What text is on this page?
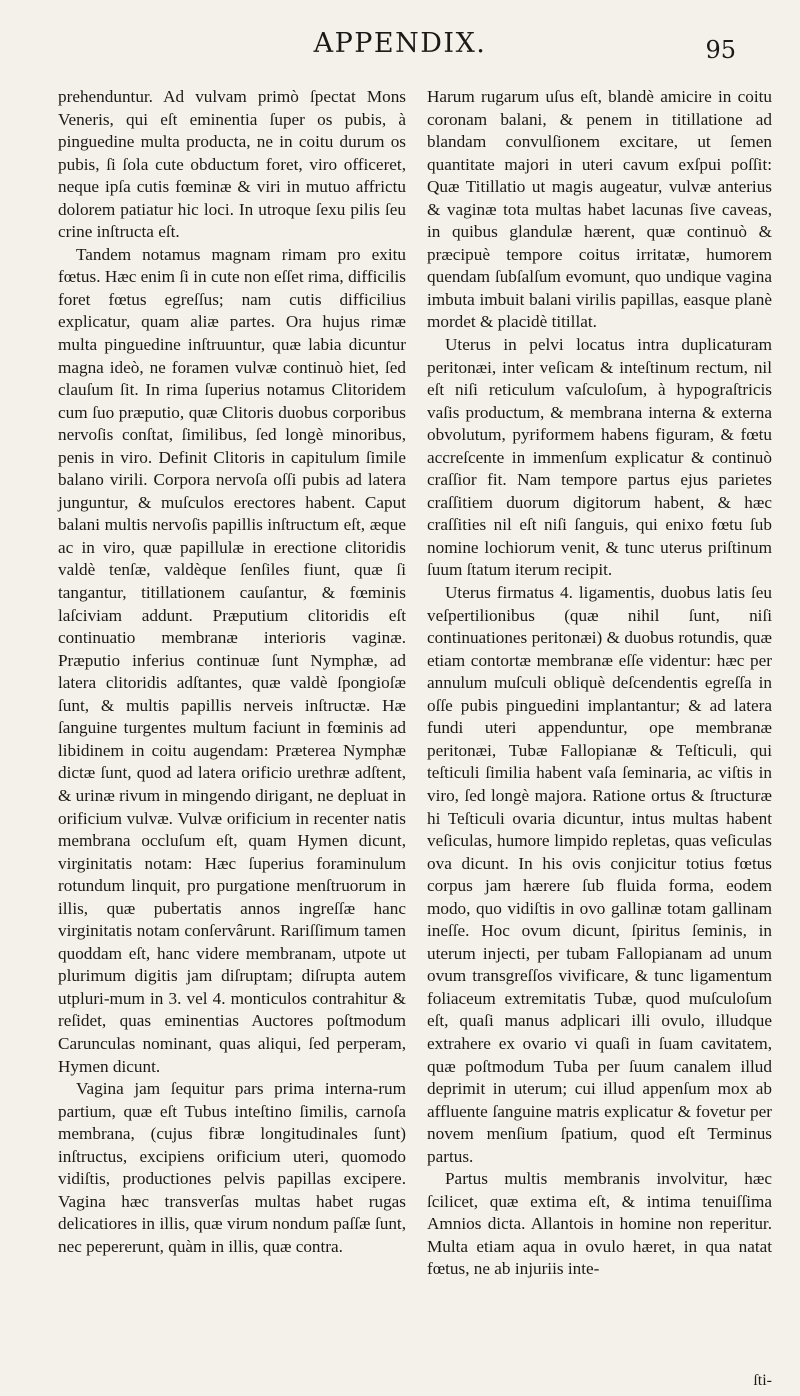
APPENDIX.	95

prehenduntur. Ad vulvam primò ſpectat Mons Veneris, qui eſt eminentia ſuper os pubis, à pinguedine multa producta, ne in coitu durum os pubis, ſi ſola cute obductum foret, viro officeret, neque ipſa cutis fœminæ & viri in mutuo affrictu dolorem patiatur hic loci. In utroque ſexu pilis ſeu crine inſtructa eſt.

Tandem notamus magnam rimam pro exitu fœtus. Hæc enim ſi in cute non eſſet rima, difficilis foret fœtus egreſſus; nam cutis difficilius explicatur, quam aliæ partes. Ora hujus rimæ multa pinguedine inſtruuntur, quæ labia dicuntur magna ideò, ne foramen vulvæ continuò hiet, ſed clauſum ſit. In rima ſuperius notamus Clitoridem cum ſuo præputio, quæ Clitoris duobus corporibus nervoſis conſtat, ſimilibus, ſed longè minoribus, penis in viro. Definit Clitoris in capitulum ſimile balano virili. Corpora nervoſa oſſi pubis ad latera junguntur, & muſculos erectores habent. Caput balani multis nervoſis papillis inſtructum eſt, æque ac in viro, quæ papillulæ in erectione clitoridis valdè tenſæ, valdèque ſenſiles fiunt, quæ ſi tangantur, titillationem cauſantur, & fœminis laſciviam addunt. Præputium clitoridis eſt continuatio membranæ interioris vaginæ. Præputio inferius continuæ ſunt Nymphæ, ad latera clitoridis adſtantes, quæ valdè ſpongioſæ ſunt, & multis papillis nerveis inſtructæ. Hæ ſanguine turgentes multum faciunt in fœminis ad libidinem in coitu augendam: Præterea Nymphæ dictæ ſunt, quod ad latera orificio urethræ adſtent, & urinæ rivum in mingendo dirigant, ne depluat in orificium vulvæ. Vulvæ orificium in recenter natis membrana occluſum eſt, quam Hymen dicunt, virginitatis notam: Hæc ſuperius foraminulum rotundum linquit, pro purgatione menſtruorum in illis, quæ pubertatis annos ingreſſæ hanc virginitatis notam conſervârunt. Rariſſimum tamen quoddam eſt, hanc videre membranam, utpote ut plurimum digitis jam diſruptam; diſrupta autem utpluri-mum in 3. vel 4. monticulos contrahitur & reſidet, quas eminentias Auctores poſtmodum Carunculas nominant, quas aliqui, ſed perperam, Hymen dicunt.

Vagina jam ſequitur pars prima interna-rum partium, quæ eſt Tubus inteſtino ſimilis, carnoſa membrana, (cujus fibræ longitudinales ſunt) inſtructus, excipiens orificium uteri, quomodo vidiſtis, productiones pelvis papillas excipere. Vagina hæc transverſas multas habet rugas delicatiores in illis, quæ virum nondum paſſæ ſunt, nec pepererunt, quàm in illis, quæ contra.

Harum rugarum uſus eſt, blandè amicire in coitu coronam balani, & penem in titillatione ad blandam convulſionem excitare, ut ſemen quantitate majori in uteri cavum exſpui poſſit: Quæ Titillatio ut magis augeatur, vulvæ anterius & vaginæ tota multas habet lacunas ſive caveas, in quibus glandulæ hærent, quæ continuò & præcipuè tempore coitus irritatæ, humorem quendam ſubſalſum evomunt, quo undique vagina imbuta imbuit balani virilis papillas, easque planè mordet & placidè titillat.

Uterus in pelvi locatus intra duplicaturam peritonæi, inter veſicam & inteſtinum rectum, nil eſt niſi reticulum vaſculoſum, à hypograſtricis vaſis productum, & membrana interna & externa obvolutum, pyriformem habens figuram, & fœtu accreſcente in immenſum explicatur & continuò craſſior fit. Nam tempore partus ejus parietes craſſitiem duorum digitorum habent, & hæc craſſities nil eſt niſi ſanguis, qui enixo fœtu ſub nomine lochiorum venit, & tunc uterus priſtinum ſuum ſtatum iterum recipit.

Uterus firmatus 4. ligamentis, duobus latis ſeu veſpertilionibus (quæ nihil ſunt, niſi continuationes peritonæi) & duobus rotundis, quæ etiam contortæ membranæ eſſe videntur: hæc per annulum muſculi obliquè deſcendentis egreſſa in oſſe pubis pinguedini implantantur; & ad latera fundi uteri appenduntur, ope membranæ peritonæi, Tubæ Fallopianæ & Teſticuli, qui teſticuli ſimilia habent vaſa ſeminaria, ac viſtis in viro, ſed longè majora. Ratione ortus & ſtructuræ hi Teſticuli ovaria dicuntur, intus multas habent veſiculas, humore limpido repletas, quas veſiculas ova dicunt. In his ovis conjicitur totius fœtus corpus jam hærere ſub fluida forma, eodem modo, quo vidiſtis in ovo gallinæ totam gallinam ineſſe. Hoc ovum dicunt, ſpiritus ſeminis, in uterum injecti, per tubam Fallopianam ad unum ovum transgreſſos vivificare, & tunc ligamentum foliaceum extremitatis Tubæ, quod muſculoſum eſt, quaſi manus adplicari illi ovulo, illudque extrahere ex ovario vi quaſi in ſuam cavitatem, quæ poſtmodum Tuba per ſuum canalem illud deprimit in uterum; cui illud appenſum mox ab affluente ſanguine matris explicatur & fovetur per novem menſium ſpatium, quod eſt Terminus partus.

Partus multis membranis involvitur, hæc ſcilicet, quæ extima eſt, & intima tenuiſſima Amnios dicta. Allantois in homine non reperitur. Multa etiam aqua in ovulo hæret, in qua natat fœtus, ne ab injuriis inte-

ſti-
